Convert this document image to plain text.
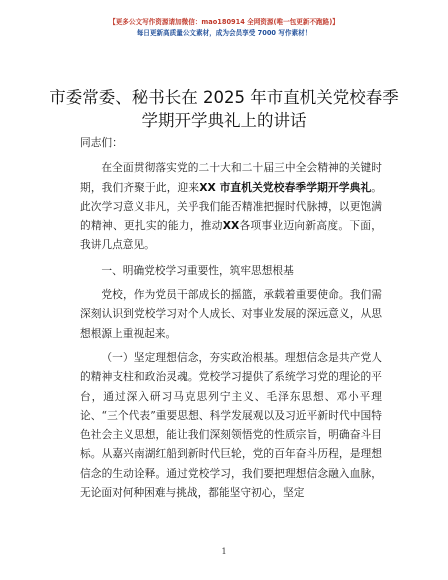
【更多公文写作资源请加微信：mao180914 全网资源(唯一包更新不跑路)】
每日更新高质量公文素材，成为会员享受 7000 写作素材！
市委常委、秘书长在 2025 年市直机关党校春季
学期开学典礼上的讲话

同志们：

在全面贯彻落实党的二十大和二十届三中全会精神的关键时期，我们齐聚于此，迎来XX 市直机关党校春季学期开学典礼。此次学习意义非凡，关乎我们能否精准把握时代脉搏，以更饱满的精神、更扎实的能力，推动XX各项事业迈向新高度。下面，我讲几点意见。

一、明确党校学习重要性，筑牢思想根基

党校，作为党员干部成长的摇篮，承载着重要使命。我们需深刻认识到党校学习对个人成长、对事业发展的深远意义，从思想根源上重视起来。

（一）坚定理想信念，夯实政治根基。理想信念是共产党人的精神支柱和政治灵魂。党校学习提供了系统学习党的理论的平台，通过深入研习马克思列宁主义、毛泽东思想、邓小平理论、“三个代表”重要思想、科学发展观以及习近平新时代中国特色社会主义思想，能让我们深刻领悟党的性质宗旨，明确奋斗目标。从嘉兴南湖红船到新时代巨轮，党的百年奋斗历程，是理想信念的生动诠释。通过党校学习，我们要把理想信念融入血脉，无论面对何种困难与挑战，都能坚守初心，坚定

1
